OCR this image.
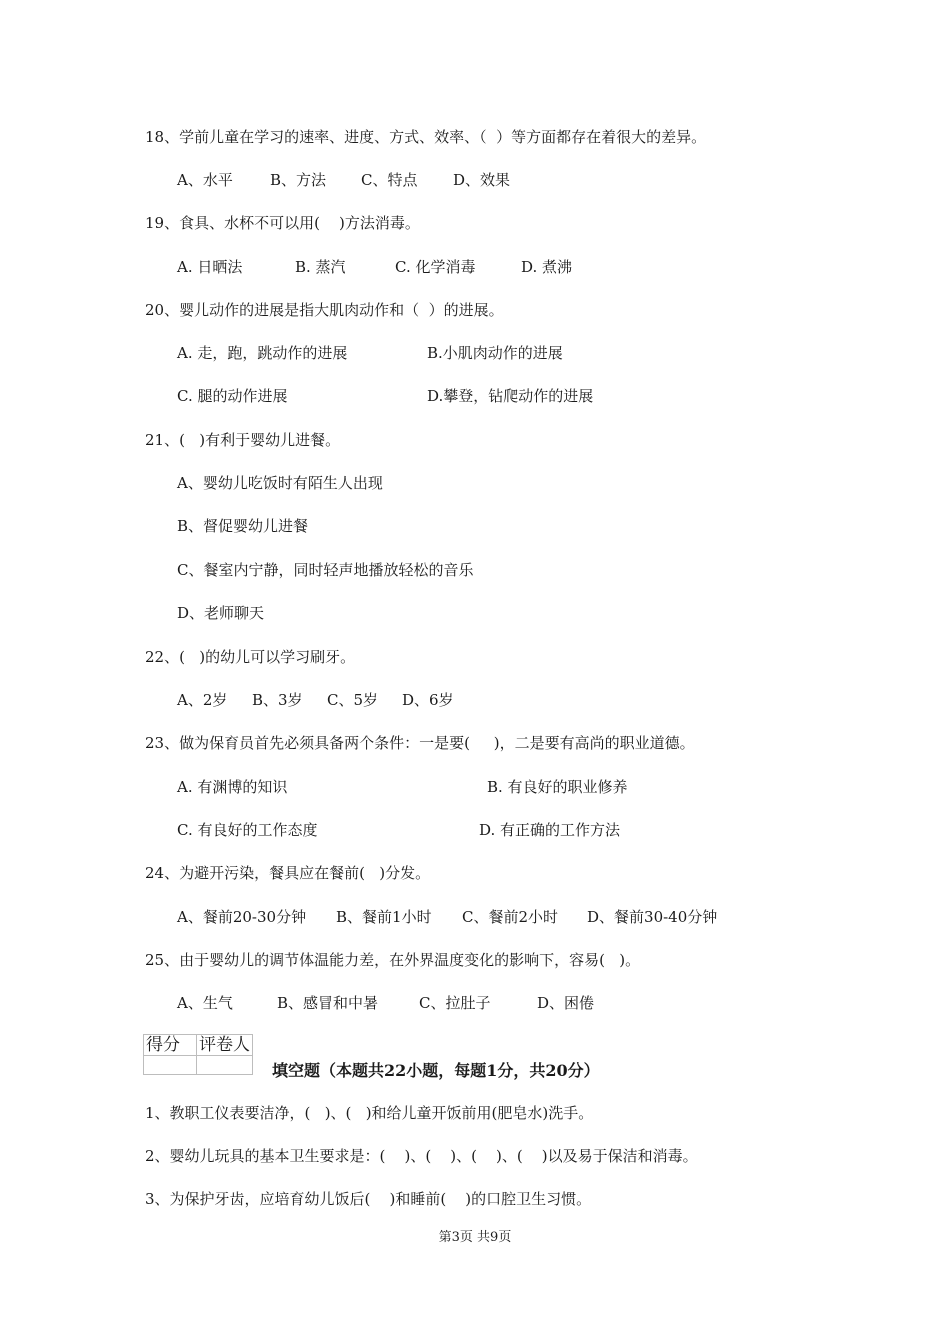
18、学前儿童在学习的速率、进度、方式、效率、（  ）等方面都存在着很大的差异。
A、水平 B、方法 C、特点 D、效果
19、食具、水杯不可以用(    )方法消毒。
A. 日晒法	B. 蒸汽	C. 化学消毒	D. 煮沸
20、婴儿动作的进展是指大肌肉动作和（  ）的进展。
A. 走，跑，跳动作的进展	B.小肌肉动作的进展
C. 腿的动作进展	D.攀登，钻爬动作的进展
21、(   )有利于婴幼儿进餐。
A、婴幼儿吃饭时有陌生人出现
B、督促婴幼儿进餐
C、餐室内宁静，同时轻声地播放轻松的音乐
D、老师聊天
22、(   )的幼儿可以学习刷牙。
A、2岁 B、3岁 C、5岁 D、6岁
23、做为保育员首先必须具备两个条件：一是要(     )，二是要有高尚的职业道德。
A. 有渊博的知识	B. 有良好的职业修养
C. 有良好的工作态度	D. 有正确的工作方法
24、为避开污染，餐具应在餐前(   )分发。
A、餐前20-30分钟 B、餐前1小时 C、餐前2小时 D、餐前30-40分钟
25、由于婴幼儿的调节体温能力差，在外界温度变化的影响下，容易(   )。
A、生气	B、感冒和中暑	C、拉肚子	D、困倦
得分	评卷人

填空题（本题共22小题，每题1分，共20分）
1、教职工仪表要洁净，(   )、(   )和给儿童开饭前用(肥皂水)洗手。
2、婴幼儿玩具的基本卫生要求是：(    )、(    )、(    )、(    )以及易于保洁和消毒。
3、为保护牙齿，应培育幼儿饭后(    )和睡前(    )的口腔卫生习惯。
第3页 共9页
